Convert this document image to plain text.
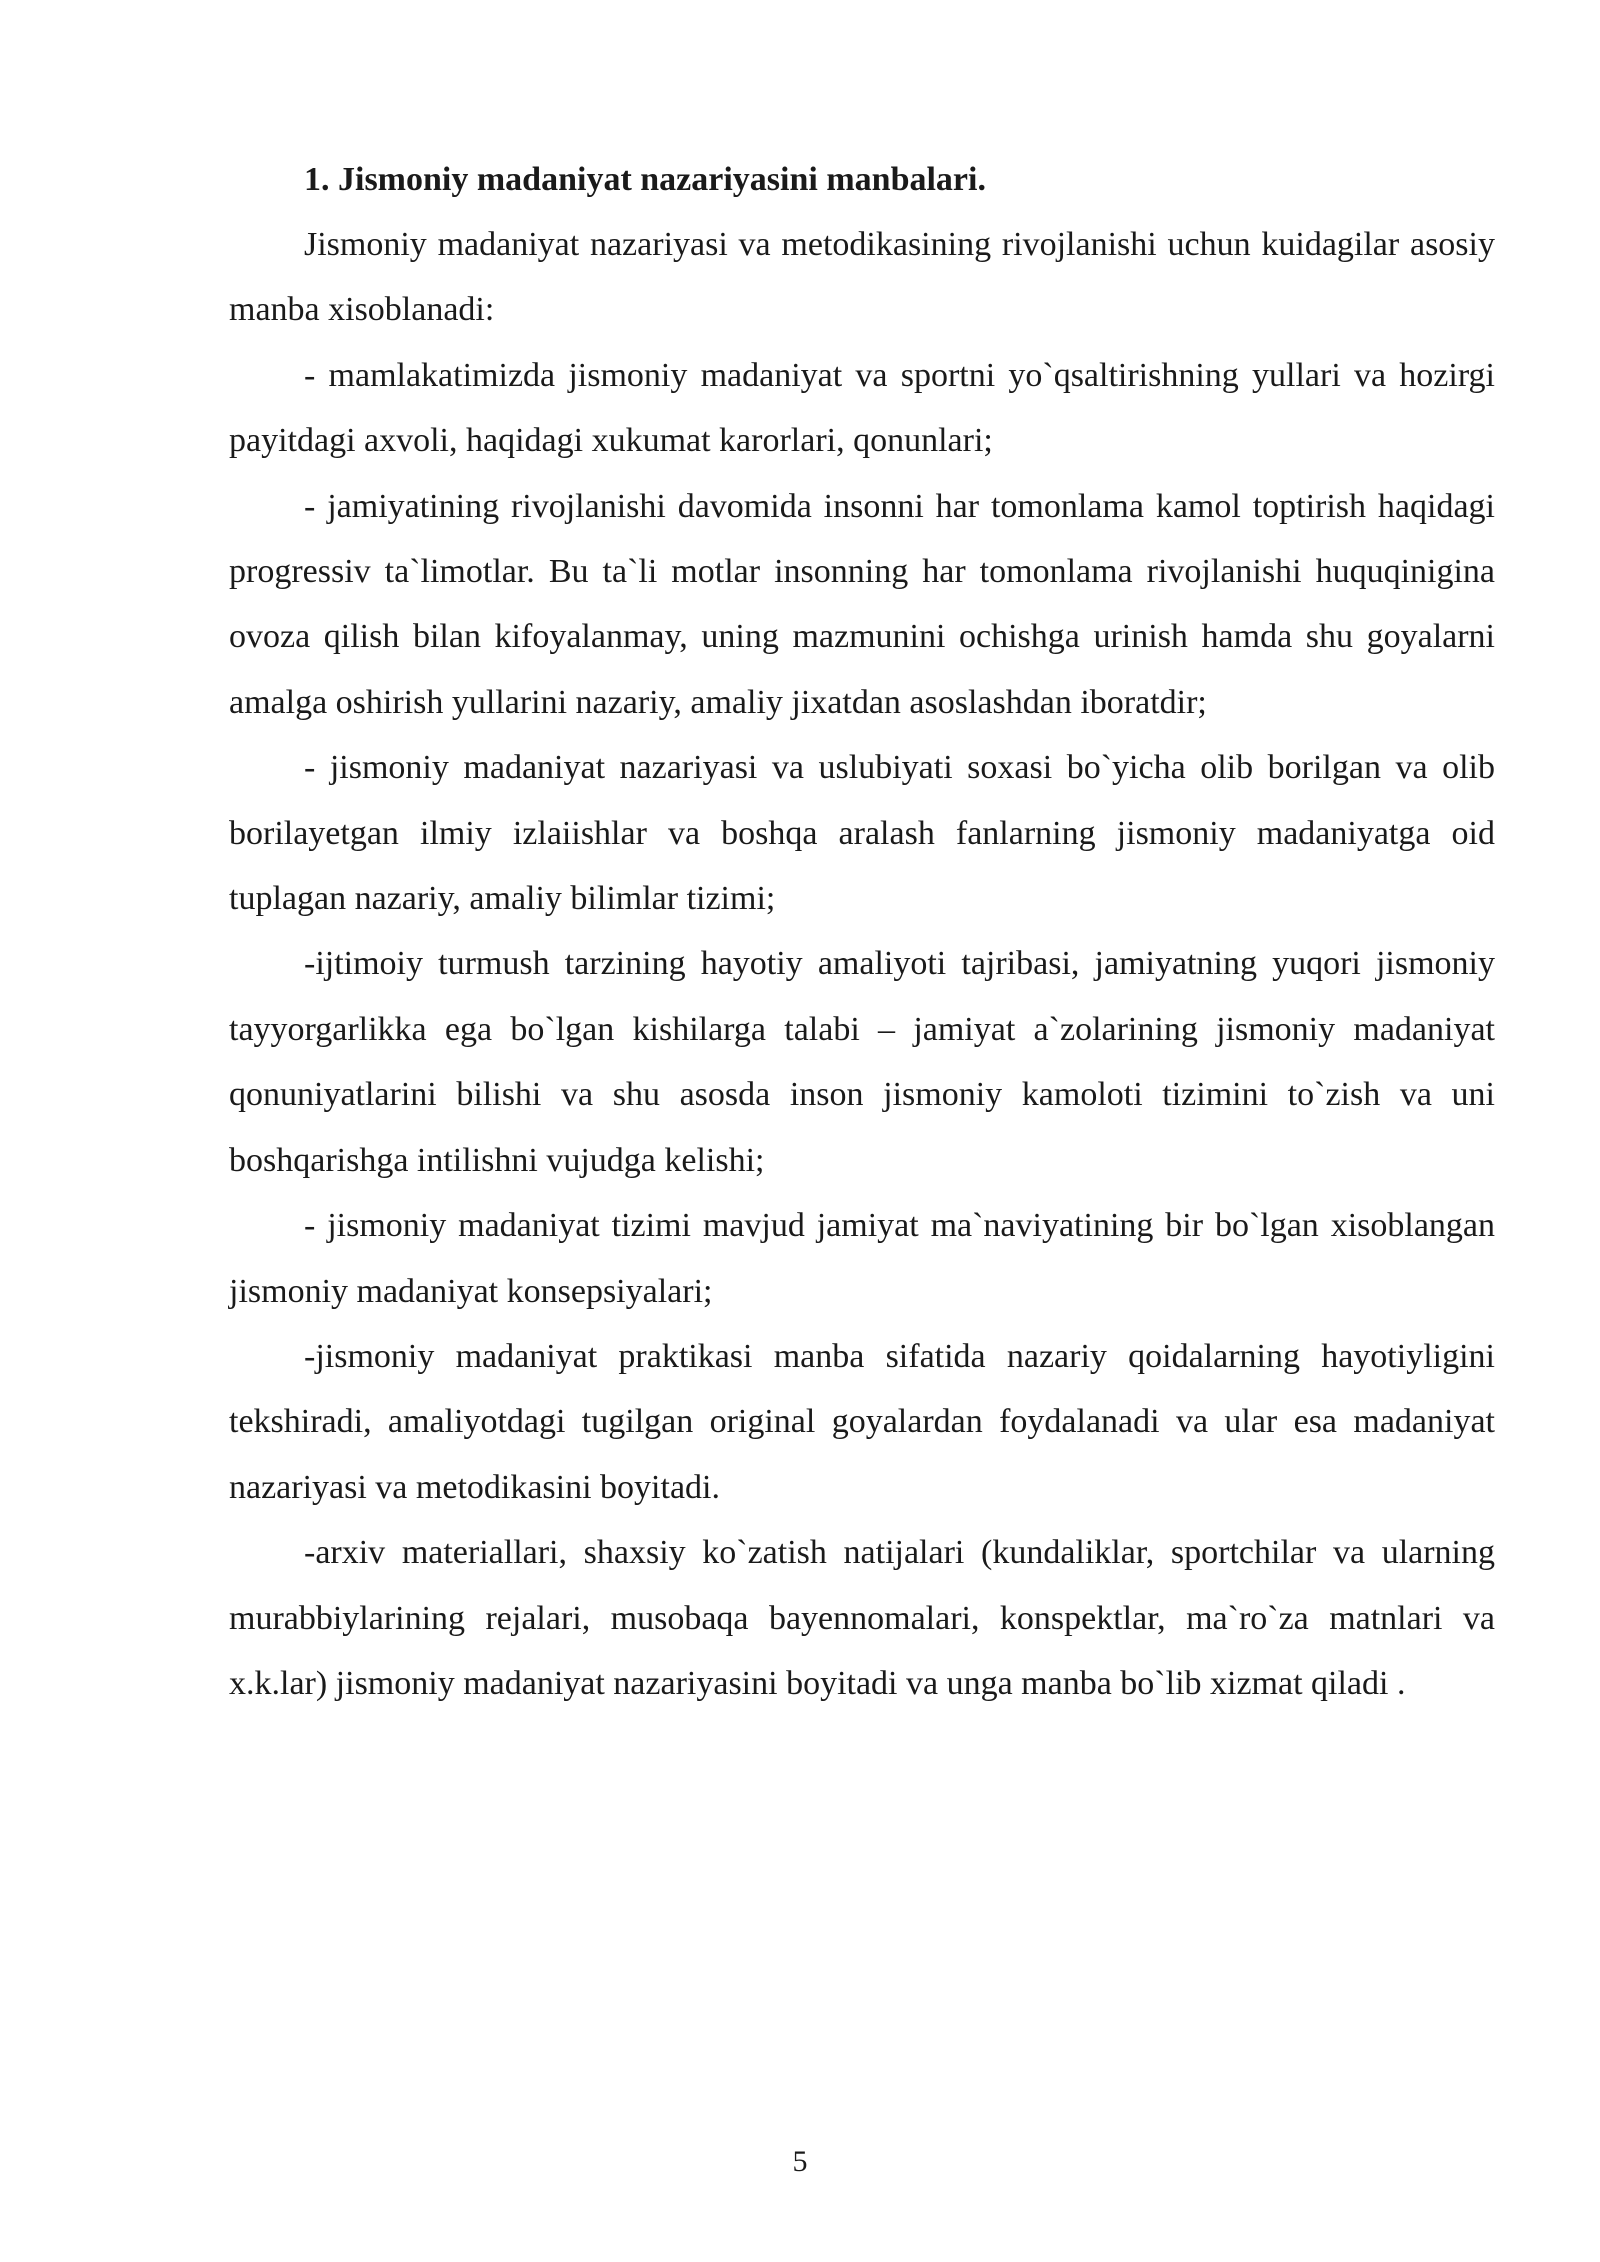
1. Jismoniy madaniyat nazariyasini manbalari.

Jismoniy madaniyat nazariyasi va metodikasining rivojlanishi uchun kuidagilar asosiy manba xisoblanadi:

- mamlakatimizda jismoniy madaniyat va sportni yo`qsaltirishning yullari va hozirgi payitdagi axvoli, haqidagi xukumat karorlari, qonunlari;

- jamiyatining rivojlanishi davomida insonni har tomonlama kamol toptirish haqidagi progressiv ta`limotlar. Bu ta`li motlar insonning har tomonlama rivojlanishi huquqinigina ovoza qilish bilan kifoyalanmay, uning mazmunini ochishga urinish hamda shu goyalarni amalga oshirish yullarini nazariy, amaliy jixatdan asoslashdan iboratdir;

- jismoniy madaniyat nazariyasi va uslubiyati soxasi bo`yicha olib borilgan va olib borilayetgan ilmiy izlaiishlar va boshqa aralash fanlarning jismoniy madaniyatga oid tuplagan nazariy, amaliy bilimlar tizimi;

-ijtimoiy turmush tarzining hayotiy amaliyoti tajribasi, jamiyatning yuqori jismoniy tayyorgarlikka ega bo`lgan kishilarga talabi – jamiyat a`zolarining jismoniy madaniyat qonuniyatlarini bilishi va shu asosda inson jismoniy kamoloti tizimini to`zish va uni boshqarishga intilishni vujudga kelishi;

- jismoniy madaniyat tizimi mavjud jamiyat ma`naviyatining bir bo`lgan xisoblangan jismoniy madaniyat konsepsiyalari;

-jismoniy madaniyat praktikasi manba sifatida nazariy qoidalarning hayotiyligini tekshiradi, amaliyotdagi tugilgan original goyalardan foydalanadi va ular esa madaniyat nazariyasi va metodikasini boyitadi.

-arxiv materiallari, shaxsiy ko`zatish natijalari (kundaliklar, sportchilar va ularning murabbiylarining rejalari, musobaqa bayennomalari, konspektlar, ma`ro`za matnlari va x.k.lar) jismoniy madaniyat nazariyasini boyitadi va unga manba bo`lib xizmat qiladi .

5
